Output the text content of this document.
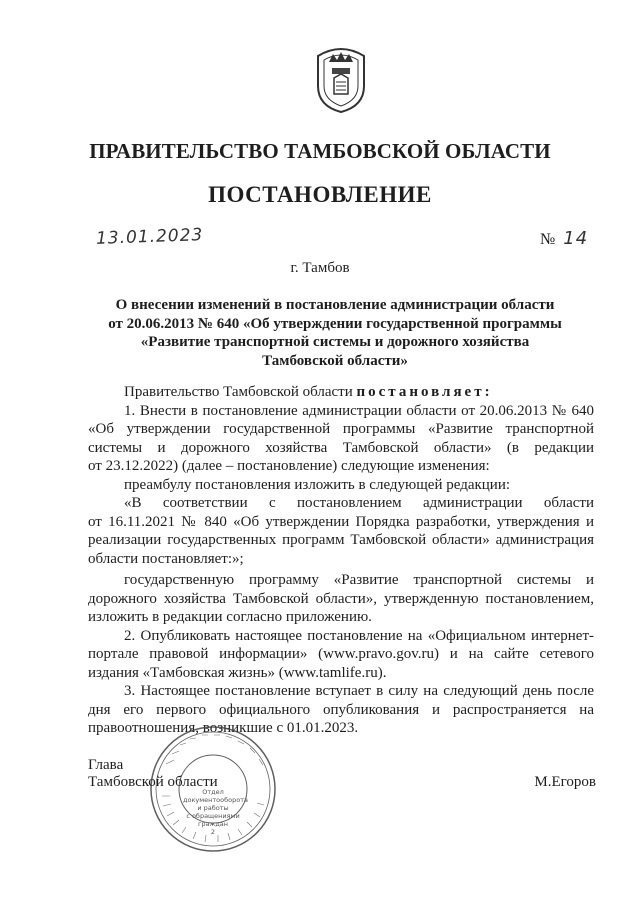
ПРАВИТЕЛЬСТВО ТАМБОВСКОЙ ОБЛАСТИ
ПОСТАНОВЛЕНИЕ
13.01.2023	№ 14
г. Тамбов
О внесении изменений в постановление администрации области
от 20.06.2013 № 640 «Об утверждении государственной программы
«Развитие транспортной системы и дорожного хозяйства
Тамбовской области»
Правительство Тамбовской области постановляет:
1. Внести в постановление администрации области от 20.06.2013 № 640
«Об утверждении государственной программы «Развитие транспортной
системы и дорожного хозяйства Тамбовской области» (в редакции
от 23.12.2022) (далее – постановление) следующие изменения:
преамбулу постановления изложить в следующей редакции:
«В соответствии с постановлением администрации области
от 16.11.2021 № 840 «Об утверждении Порядка разработки, утверждения и
реализации государственных программ Тамбовской области» администрация
области постановляет:»;
государственную программу «Развитие транспортной системы и
дорожного хозяйства Тамбовской области», утвержденную постановлением,
изложить в редакции согласно приложению.
2. Опубликовать настоящее постановление на «Официальном интернет-
портале правовой информации» (www.pravo.gov.ru) и на сайте сетевого
издания «Тамбовская жизнь» (www.tamlife.ru).
3. Настоящее постановление вступает в силу на следующий день после
дня его первого официального опубликования и распространяется на
правоотношения, возникшие с 01.01.2023.
Отдел
документооборота
и работы
с обращениями
граждан
2
Глава
Тамбовской области	М.Егоров
